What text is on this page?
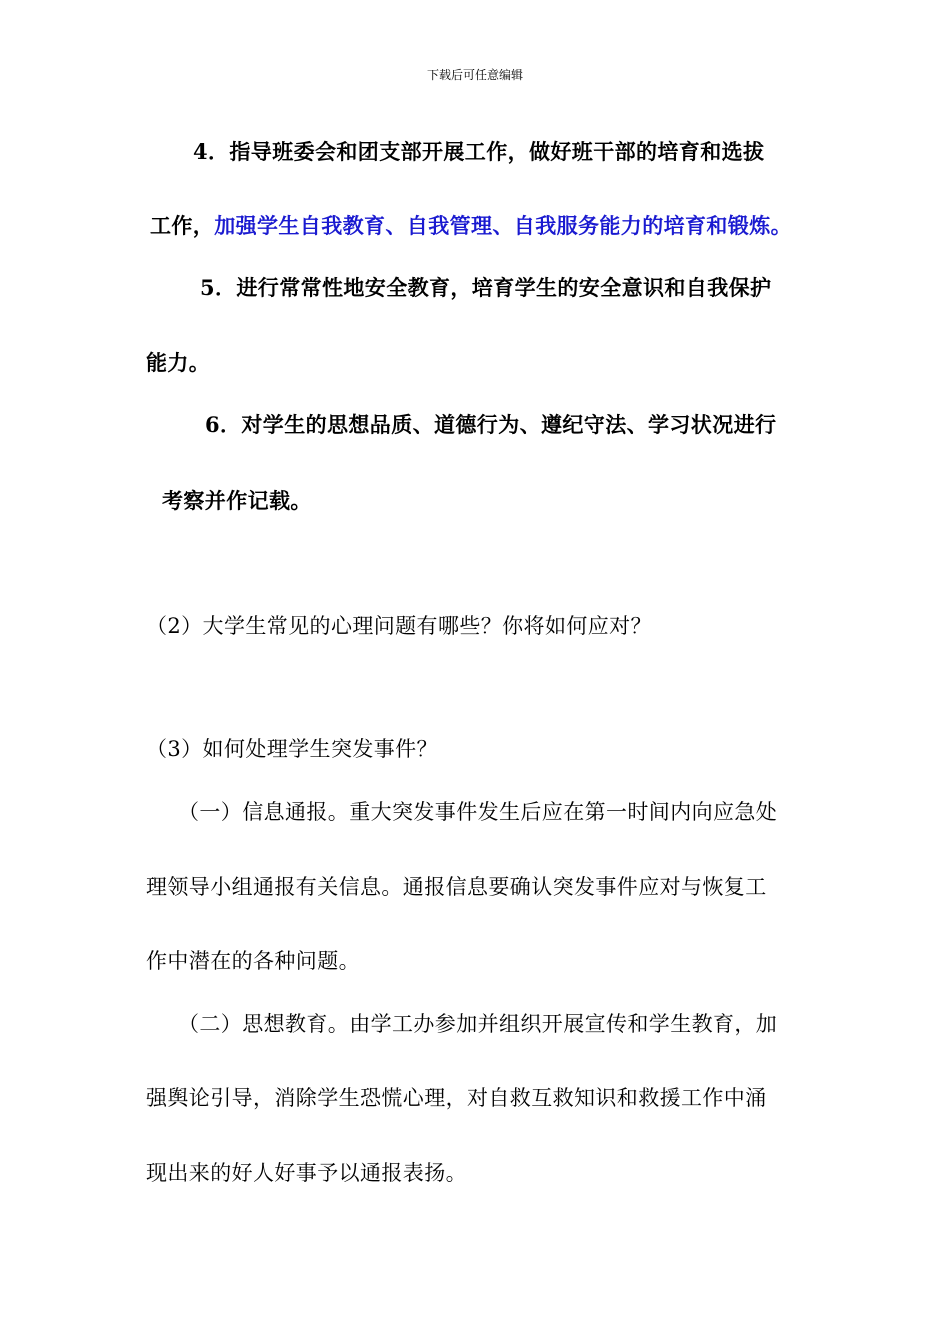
下载后可任意编辑
4．指导班委会和团支部开展工作，做好班干部的培育和选拔
工作，加强学生自我教育、自我管理、自我服务能力的培育和锻炼。
5．进行常常性地安全教育，培育学生的安全意识和自我保护
能力。
6．对学生的思想品质、道德行为、遵纪守法、学习状况进行
考察并作记载。
（2）大学生常见的心理问题有哪些？你将如何应对？
（3）如何处理学生突发事件？
（一）信息通报。重大突发事件发生后应在第一时间内向应急处
理领导小组通报有关信息。通报信息要确认突发事件应对与恢复工
作中潜在的各种问题。
（二）思想教育。由学工办参加并组织开展宣传和学生教育，加
强舆论引导，消除学生恐慌心理，对自救互救知识和救援工作中涌
现出来的好人好事予以通报表扬。
